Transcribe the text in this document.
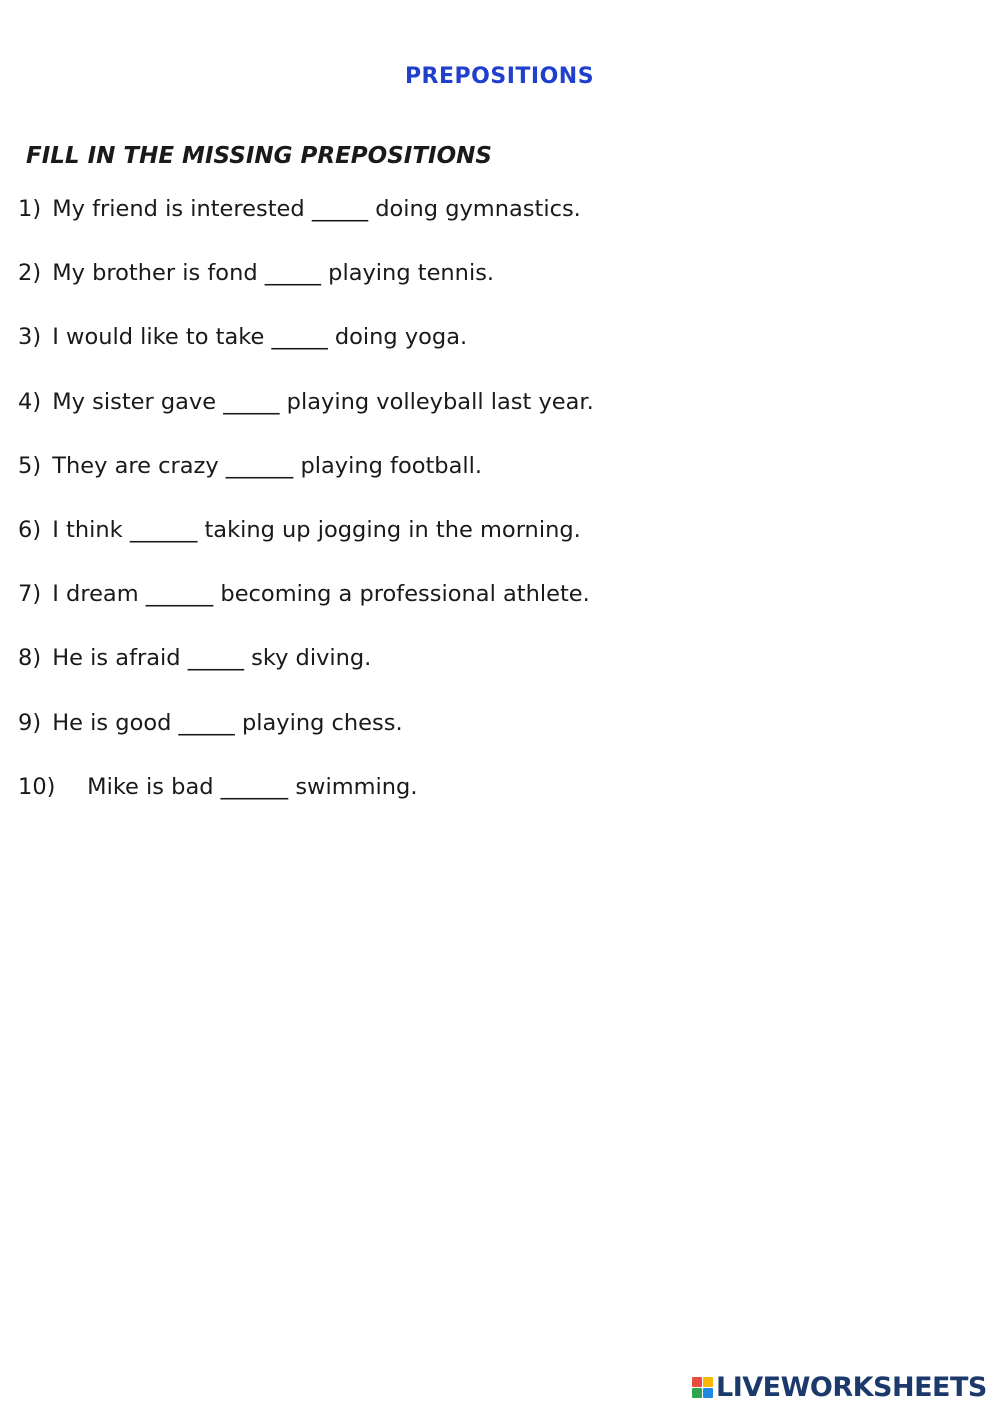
PREPOSITIONS
FILL IN THE MISSING PREPOSITIONS
1) My friend is interested _____ doing gymnastics.
2) My brother is fond _____ playing tennis.
3) I would like to take _____ doing yoga.
4) My sister gave _____ playing volleyball last year.
5) They are crazy ______ playing football.
6) I think ______ taking up jogging in the morning.
7) I dream ______ becoming a professional athlete.
8) He is afraid _____ sky diving.
9) He is good _____ playing chess.
10) Mike is bad ______ swimming.
LIVEWORKSHEETS
